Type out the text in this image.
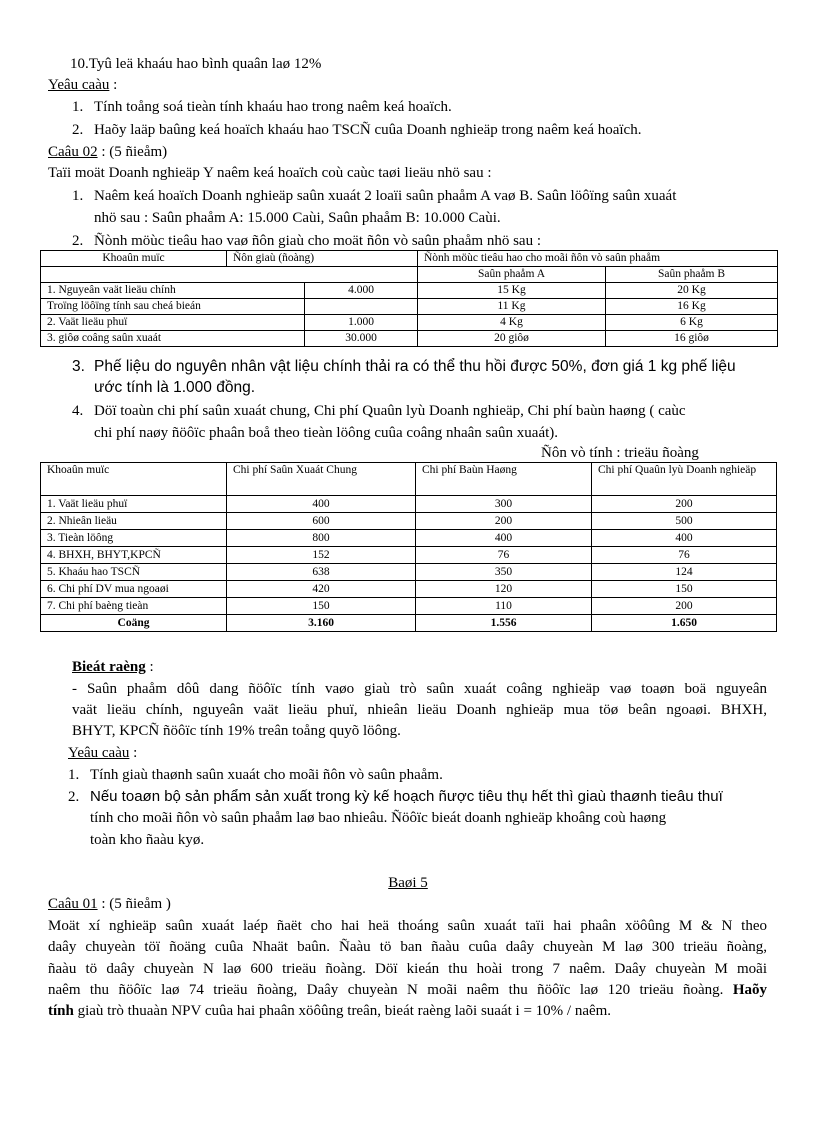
10.Tyû leä khaáu hao bình quaân laø 12%
Yeâu caàu :
1. Tính toång soá tieàn tính khaáu hao trong naêm keá hoaïch.
2. Haõy laäp baûng keá hoaïch khaáu hao TSCÑ cuûa Doanh nghieäp trong naêm keá hoaïch.
Caâu 02 : (5 ñieåm)
Taïi moät Doanh nghieäp Y naêm keá hoaïch coù caùc taøi lieäu nhö sau :
1. Naêm keá hoaïch Doanh nghieäp saûn xuaát 2 loaïi saûn phaåm A vaø B. Saûn löôïng saûn xuaát
nhö sau : Saûn phaåm A: 15.000 Caùi, Saûn phaåm B: 10.000 Caùi.
2. Ñònh möùc tieâu hao vaø ñôn giaù cho moät ñôn vò saûn phaåm nhö sau :
Khoaûn muïc	Ñôn giaù (ñoàng)		Ñònh möùc tieâu hao cho moãi ñôn vò saûn phaåm	
			Saûn phaåm A	Saûn phaåm B
1. Nguyeân vaät lieäu chính		4.000	15 Kg	20 Kg
Troïng löôïng tính sau cheá bieán			11 Kg	16 Kg
2. Vaät lieäu phuï		1.000	4 Kg	6 Kg
3. giôø coâng saûn xuaát		30.000	20 giôø	16 giôø
3. Phế liệu do nguyên nhân vật liệu chính thải ra có thể thu hồi được 50%, đơn giá 1 kg phế liệu
ước tính là 1.000 đồng.
4. Döï toaùn chi phí saûn xuaát chung, Chi phí Quaûn lyù Doanh nghieäp, Chi phí baùn haøng ( caùc
chi phí naøy ñöôïc phaân boå theo tieàn löông cuûa coâng nhaân saûn xuaát).
Ñôn vò tính : trieäu ñoàng
Khoaûn muïc	Chi phí Saûn Xuaát Chung	Chi phí Baùn Haøng	Chi phí Quaûn lyù Doanh nghieäp
1. Vaät lieäu phuï	400	300	200
2. Nhieân lieäu	600	200	500
3. Tieàn löông	800	400	400
4. BHXH, BHYT,KPCÑ	152	76	76
5. Khaáu hao TSCÑ	638	350	124
6. Chi phí DV mua ngoaøi	420	120	150
7. Chi phí baèng tieàn	150	110	200
Coäng	3.160	1.556	1.650
Bieát raèng :
- Saûn phaåm dôû dang ñöôïc tính vaøo giaù trò saûn xuaát coâng nghieäp vaø toaøn boä nguyeân
vaät lieäu chính, nguyeân vaät lieäu phuï, nhieân lieäu Doanh nghieäp mua töø beân ngoaøi. BHXH,
BHYT, KPCÑ ñöôïc tính 19% treân toång quyõ löông.
Yeâu caàu :
1. Tính giaù thaønh saûn xuaát cho moãi ñôn vò saûn phaåm.
2. Nếu toaøn bộ sản phẩm sản xuất trong kỳ kế hoạch ñược tiêu thụ hết thì giaù thaønh tieâu thuï
tính cho moãi ñôn vò saûn phaåm laø bao nhieâu. Ñöôïc bieát doanh nghieäp khoâng coù haøng
toàn kho ñaàu kyø.
Baøi 5
Caâu 01 : (5 ñieåm )
Moät xí nghieäp saûn xuaát laép ñaët cho hai heä thoáng saûn xuaát taïi hai phaân xöôûng M & N theo
daây chuyeàn töï ñoäng cuûa Nhaät baûn. Ñaàu tö ban ñaàu cuûa daây chuyeàn M laø 300 trieäu ñoàng,
ñaàu tö daây chuyeàn N laø 600 trieäu ñoàng. Döï kieán thu hoài trong 7 naêm. Daây chuyeàn M moãi
naêm thu ñöôïc laø 74 trieäu ñoàng, Daây chuyeàn N moãi naêm thu ñöôïc laø 120 trieäu ñoàng. Haõy
tính giaù trò thuaàn NPV cuûa hai phaân xöôûng treân, bieát raèng laõi suaát i = 10% / naêm.
